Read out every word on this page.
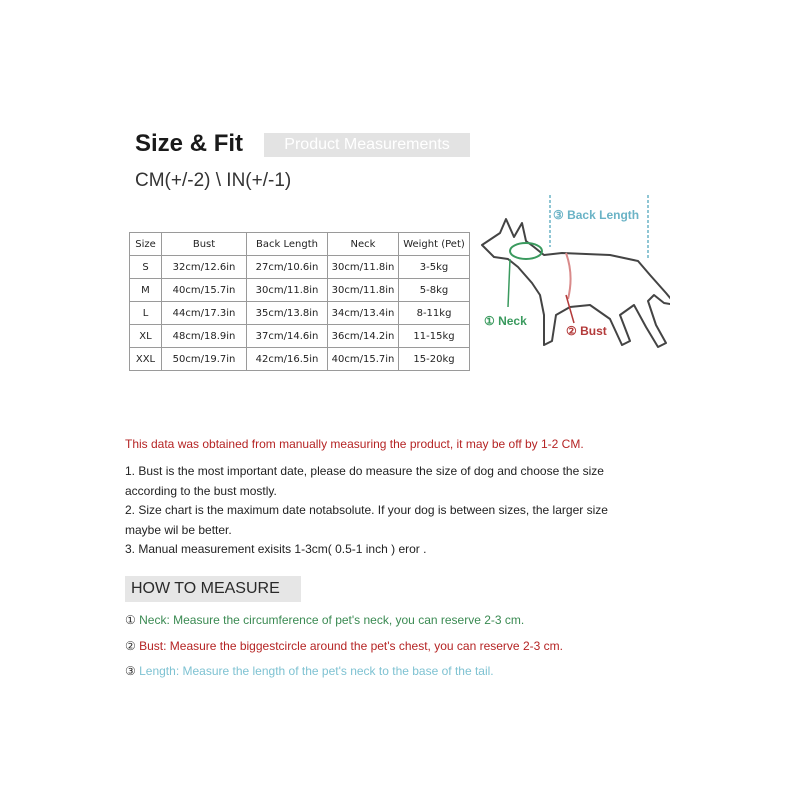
Size & Fit	Product Measurements
CM(+/-2) \ IN(+/-1)
Size	Bust	Back Length	Neck	Weight (Pet)
S	32cm/12.6in	27cm/10.6in	30cm/11.8in	3-5kg
M	40cm/15.7in	30cm/11.8in	30cm/11.8in	5-8kg
L	44cm/17.3in	35cm/13.8in	34cm/13.4in	8-11kg
XL	48cm/18.9in	37cm/14.6in	36cm/14.2in	11-15kg
XXL	50cm/19.7in	42cm/16.5in	40cm/15.7in	15-20kg
③ Back Length
① Neck
② Bust
This data was obtained from manually measuring the product, it may be off by 1-2 CM.

1. Bust is the most important date, please do measure the size of dog and choose the size according to the bust mostly.

2. Size chart is the maximum date notabsolute. If your dog is between sizes, the larger size maybe wil be better.

3. Manual measurement exisits 1-3cm( 0.5-1 inch ) eror .

HOW TO MEASURE
① Neck: Measure the circumference of pet's neck, you can reserve 2-3 cm.
② Bust: Measure the biggestcircle around the pet's chest, you can reserve 2-3 cm.
③ Length: Measure the length of the pet's neck to the base of the tail.
